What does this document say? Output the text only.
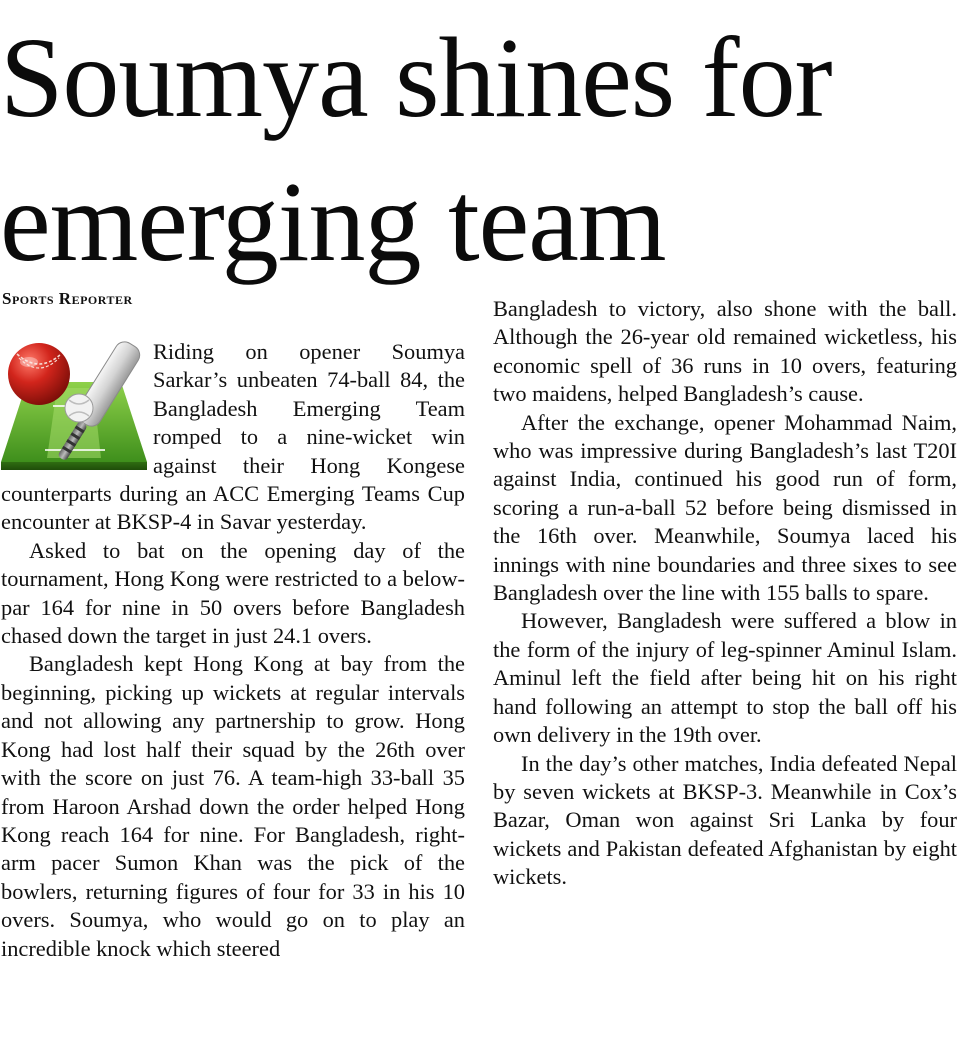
Soumya shines for
emerging team
Sports Reporter

Riding on opener Soumya Sarkar’s unbeaten 74-ball 84, the Bangladesh Emerging Team romped to a nine-wicket win against their Hong Kongese counterparts during an ACC Emerging Teams Cup encounter at BKSP-4 in Savar yesterday.

Asked to bat on the opening day of the tournament, Hong Kong were restricted to a below-par 164 for nine in 50 overs before Bangladesh chased down the target in just 24.1 overs.

Bangladesh kept Hong Kong at bay from the beginning, picking up wickets at regular intervals and not allowing any partnership to grow. Hong Kong had lost half their squad by the 26th over with the score on just 76. A team-high 33-ball 35 from Haroon Arshad down the order helped Hong Kong reach 164 for nine. For Bangladesh, right-arm pacer Sumon Khan was the pick of the bowlers, returning figures of four for 33 in his 10 overs. Soumya, who would go on to play an incredible knock which steered

Bangladesh to victory, also shone with the ball. Although the 26-year old remained wicketless, his economic spell of 36 runs in 10 overs, featuring two maidens, helped Bangladesh’s cause.

After the exchange, opener Mohammad Naim, who was impressive during Bangladesh’s last T20I against India, continued his good run of form, scoring a run-a-ball 52 before being dismissed in the 16th over. Meanwhile, Soumya laced his innings with nine boundaries and three sixes to see Bangladesh over the line with 155 balls to spare.

However, Bangladesh were suffered a blow in the form of the injury of leg-spinner Aminul Islam. Aminul left the field after being hit on his right hand following an attempt to stop the ball off his own delivery in the 19th over.

In the day’s other matches, India defeated Nepal by seven wickets at BKSP-3. Meanwhile in Cox’s Bazar, Oman won against Sri Lanka by four wickets and Pakistan defeated Afghanistan by eight wickets.
